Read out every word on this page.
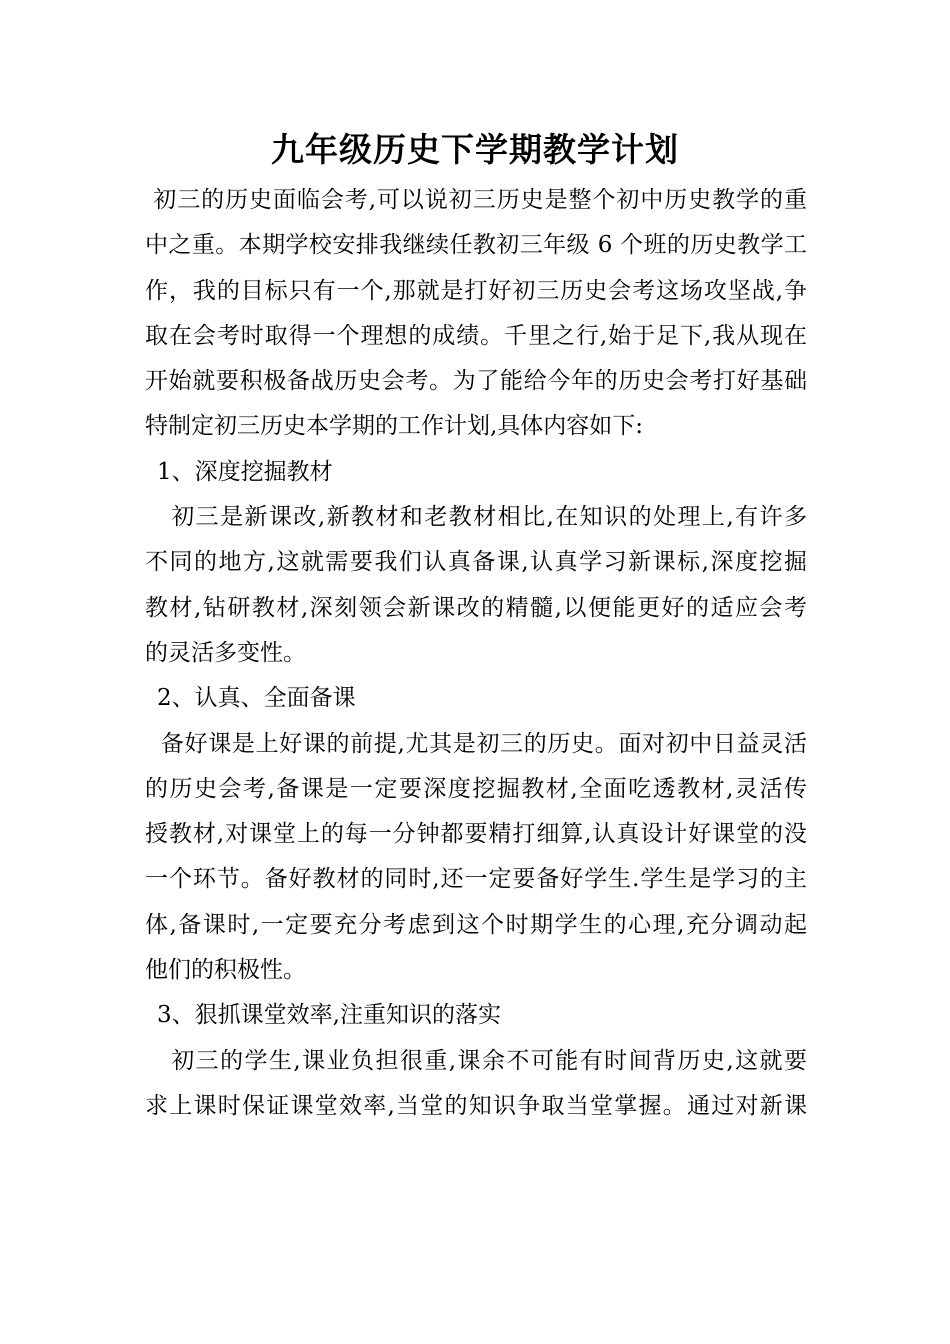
九年级历史下学期教学计划
初三的历史面临会考,可以说初三历史是整个初中历史教学的重
中之重。本期学校安排我继续任教初三年级 6 个班的历史教学工
作，我的目标只有一个,那就是打好初三历史会考这场攻坚战,争
取在会考时取得一个理想的成绩。千里之行,始于足下,我从现在
开始就要积极备战历史会考。为了能给今年的历史会考打好基础
特制定初三历史本学期的工作计划,具体内容如下:
1、深度挖掘教材
初三是新课改,新教材和老教材相比,在知识的处理上,有许多
不同的地方,这就需要我们认真备课,认真学习新课标,深度挖掘
教材,钻研教材,深刻领会新课改的精髓,以便能更好的适应会考
的灵活多变性。
2、认真、全面备课
备好课是上好课的前提,尤其是初三的历史。面对初中日益灵活
的历史会考,备课是一定要深度挖掘教材,全面吃透教材,灵活传
授教材,对课堂上的每一分钟都要精打细算,认真设计好课堂的没
一个环节。备好教材的同时,还一定要备好学生.学生是学习的主
体,备课时,一定要充分考虑到这个时期学生的心理,充分调动起
他们的积极性。
3、狠抓课堂效率,注重知识的落实
初三的学生,课业负担很重,课余不可能有时间背历史,这就要
求上课时保证课堂效率,当堂的知识争取当堂掌握。通过对新课
